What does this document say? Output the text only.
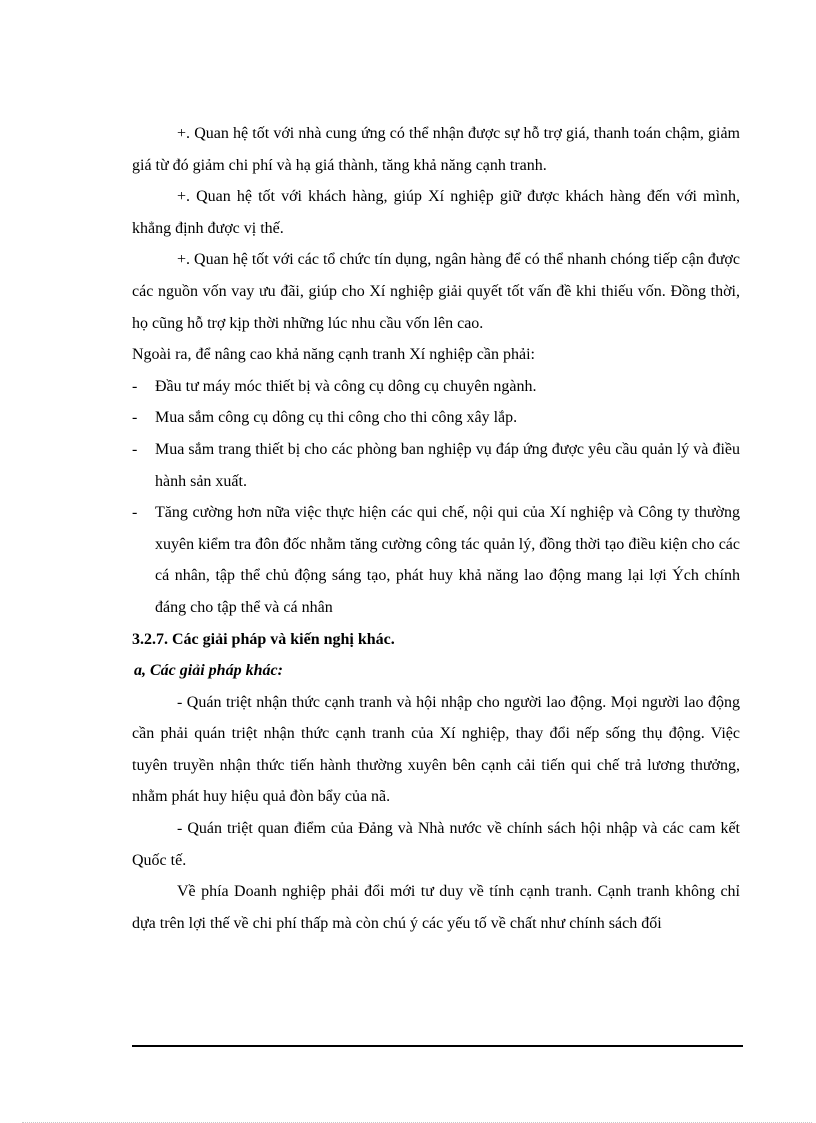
+. Quan hệ tốt với nhà cung ứng có thể nhận được sự hỗ trợ giá, thanh toán chậm, giảm giá từ đó giảm chi phí và hạ giá thành, tăng khả năng cạnh tranh.

+. Quan hệ tốt với khách hàng, giúp Xí nghiệp giữ được khách hàng đến với mình, khẳng định được vị thế.

+. Quan hệ tốt với các tổ chức tín dụng, ngân hàng để có thể nhanh chóng tiếp cận được các nguồn vốn vay ưu đãi, giúp cho Xí nghiệp giải quyết tốt vấn đề khi thiếu vốn. Đồng thời, họ cũng hỗ trợ kịp thời những lúc nhu cầu vốn lên cao.

Ngoài ra, để nâng cao khả năng cạnh tranh Xí nghiệp cần phải:

- Đầu tư máy móc thiết bị và công cụ dông cụ chuyên ngành.
- Mua sắm công cụ dông cụ thi công cho thi công xây lắp.
- Mua sắm trang thiết bị cho các phòng ban nghiệp vụ đáp ứng được yêu cầu quản lý và điều hành sản xuất.
- Tăng cường hơn nữa việc thực hiện các qui chế, nội qui của Xí nghiệp và Công ty thường xuyên kiểm tra đôn đốc nhằm tăng cường công tác quản lý, đồng thời tạo điều kiện cho các cá nhân, tập thể chủ động sáng tạo, phát huy khả năng lao động mang lại lợi Ých chính đáng cho tập thể và cá nhân

3.2.7. Các giải pháp và kiến nghị khác.

a, Các giải pháp khác:

- Quán triệt nhận thức cạnh tranh và hội nhập cho người lao động. Mọi người lao động cần phải quán triệt nhận thức cạnh tranh của Xí nghiệp, thay đổi nếp sống thụ động. Việc tuyên truyền nhận thức tiến hành thường xuyên bên cạnh cải tiến qui chế trả lương thưởng, nhằm phát huy hiệu quả đòn bẩy của nã.

- Quán triệt quan điểm của Đảng và Nhà nước về chính sách hội nhập và các cam kết Quốc tế.

Về phía Doanh nghiệp phải đổi mới tư duy về tính cạnh tranh. Cạnh tranh không chỉ dựa trên lợi thế về chi phí thấp mà còn chú ý các yếu tố về chất như chính sách đối
